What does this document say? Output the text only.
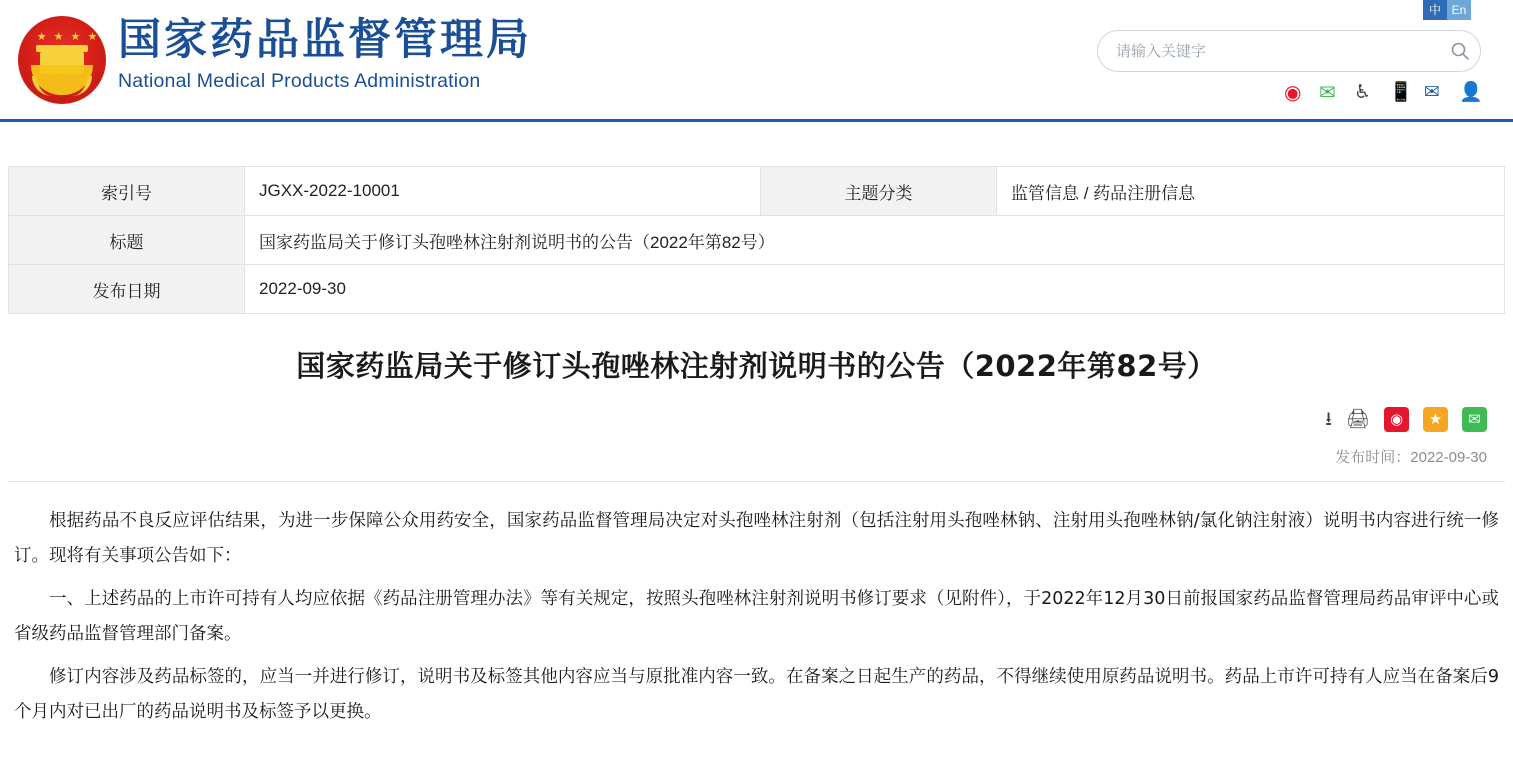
中 En
★ ★ ★ ★ 国家药品监督管理局
National Medical Products Administration
请输入关键字
◉ ✉ ♿ 📱 ✉	👤
索引号	JGXX-2022-10001	主题分类	监管信息 / 药品注册信息
标题	国家药监局关于修订头孢唑林注射剂说明书的公告（2022年第82号）		
发布日期	2022-09-30		
国家药监局关于修订头孢唑林注射剂说明书的公告（2022年第82号）
⭳ 🖨	◉	★	✉
发布时间：2022-09-30

根据药品不良反应评估结果，为进一步保障公众用药安全，国家药品监督管理局决定对头孢唑林注射剂（包括注射用头孢唑林钠、注射用头孢唑林钠/氯化钠注射液）说明书内容进行统一修订。现将有关事项公告如下：

一、上述药品的上市许可持有人均应依据《药品注册管理办法》等有关规定，按照头孢唑林注射剂说明书修订要求（见附件），于2022年12月30日前报国家药品监督管理局药品审评中心或省级药品监督管理部门备案。

修订内容涉及药品标签的，应当一并进行修订，说明书及标签其他内容应当与原批准内容一致。在备案之日起生产的药品，不得继续使用原药品说明书。药品上市许可持有人应当在备案后9个月内对已出厂的药品说明书及标签予以更换。
